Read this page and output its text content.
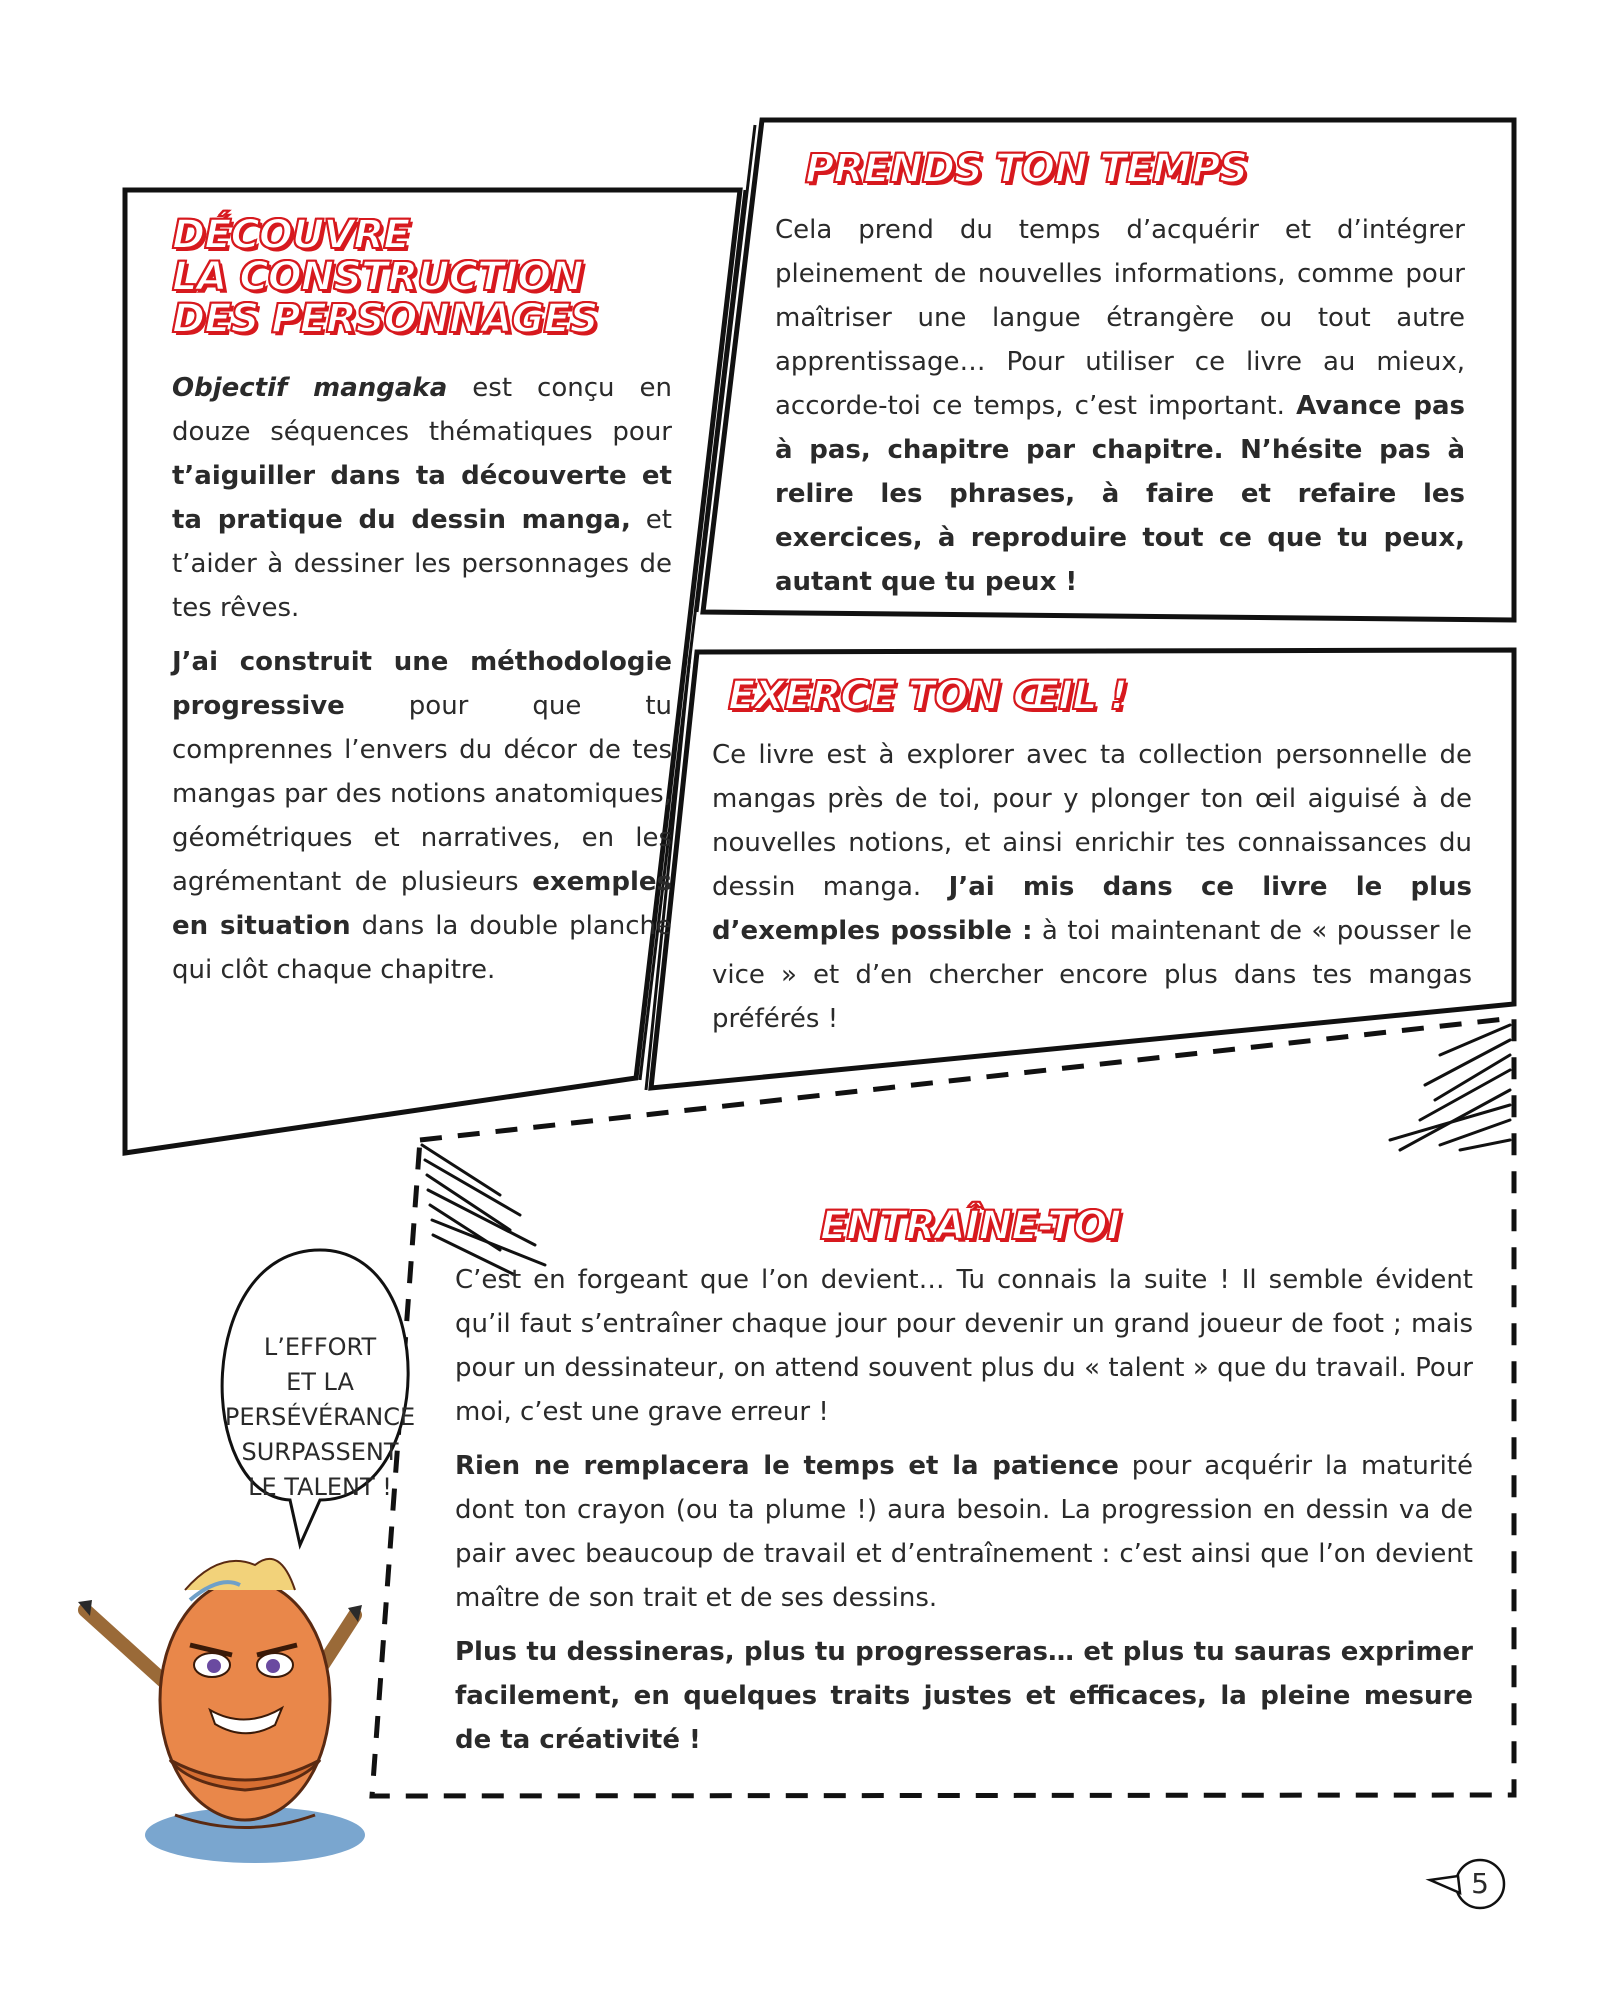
DÉCOUVRE
LA CONSTRUCTION
DES PERSONNAGES

Objectif mangaka est conçu en douze séquences thématiques pour t’aiguiller dans ta découverte et ta pratique du dessin manga, et t’aider à dessiner les personnages de tes rêves.

J’ai construit une méthodologie progressive pour que tu comprennes l’envers du décor de tes mangas par des notions anatomiques, géométriques et narratives, en les agrémentant de plusieurs exemples en situation dans la double planche qui clôt chaque chapitre.

PRENDS TON TEMPS

Cela prend du temps d’acquérir et d’intégrer pleinement de nouvelles informations, comme pour maîtriser une langue étrangère ou tout autre apprentissage… Pour utiliser ce livre au mieux, accorde-toi ce temps, c’est important. Avance pas à pas, chapitre par chapitre. N’hésite pas à relire les phrases, à faire et refaire les exercices, à reproduire tout ce que tu peux, autant que tu peux !

EXERCE TON ŒIL !

Ce livre est à explorer avec ta collection personnelle de mangas près de toi, pour y plonger ton œil aiguisé à de nouvelles notions, et ainsi enrichir tes connaissances du dessin manga. J’ai mis dans ce livre le plus d’exemples possible : à toi maintenant de « pousser le vice » et d’en chercher encore plus dans tes mangas préférés !

ENTRAÎNE-TOI

C’est en forgeant que l’on devient… Tu connais la suite ! Il semble évident qu’il faut s’entraîner chaque jour pour devenir un grand joueur de foot ; mais pour un dessinateur, on attend souvent plus du « talent » que du travail. Pour moi, c’est une grave erreur !

Rien ne remplacera le temps et la patience pour acquérir la maturité dont ton crayon (ou ta plume !) aura besoin. La progression en dessin va de pair avec beaucoup de travail et d’entraînement : c’est ainsi que l’on devient maître de son trait et de ses dessins.

Plus tu dessineras, plus tu progresseras… et plus tu sauras exprimer facilement, en quelques traits justes et efficaces, la pleine mesure de ta créativité !

L’EFFORT
ET LA
PERSÉVÉRANCE
SURPASSENT
LE TALENT !
5
